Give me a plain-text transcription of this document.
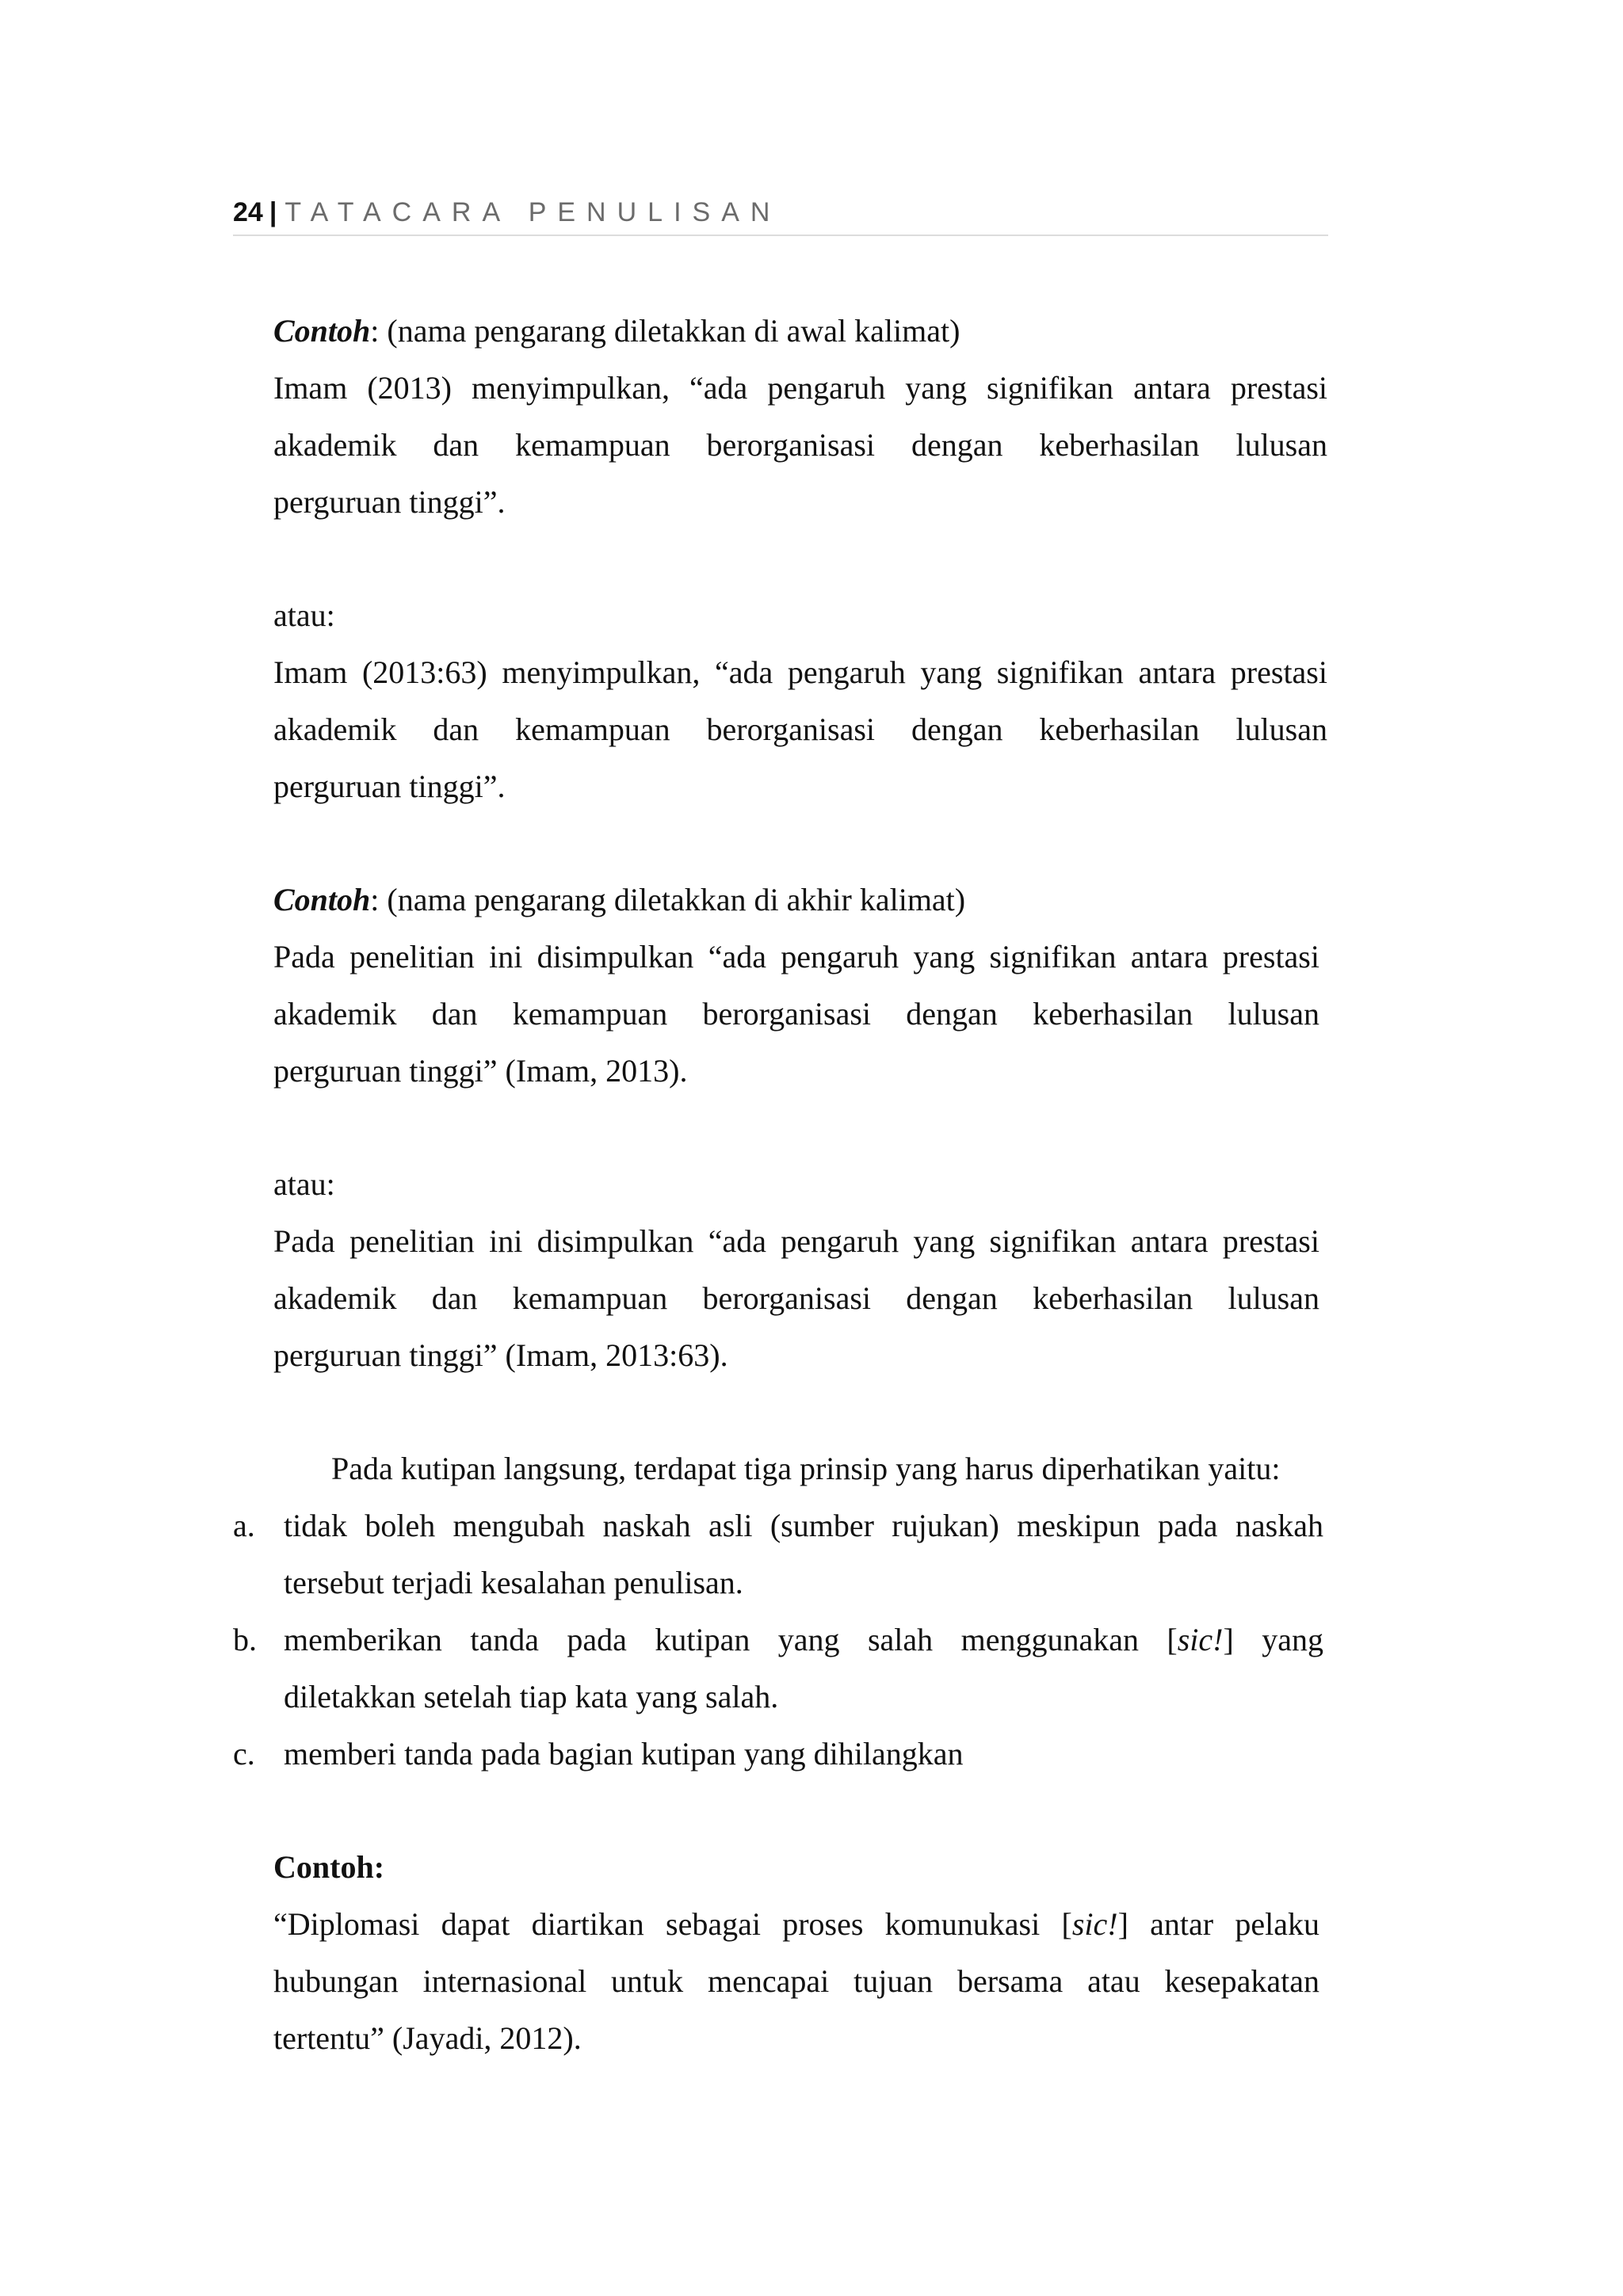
24 | TATACARA PENULISAN
Contoh: (nama pengarang diletakkan di awal kalimat)
Imam (2013) menyimpulkan, “ada pengaruh yang signifikan antara prestasi
akademik dan kemampuan berorganisasi dengan keberhasilan lulusan
perguruan tinggi”.
atau:
Imam (2013:63) menyimpulkan, “ada pengaruh yang signifikan antara prestasi
akademik dan kemampuan berorganisasi dengan keberhasilan lulusan
perguruan tinggi”.
Contoh: (nama pengarang diletakkan di akhir kalimat)
Pada penelitian ini disimpulkan “ada pengaruh yang signifikan antara prestasi
akademik dan kemampuan berorganisasi dengan keberhasilan lulusan
perguruan tinggi” (Imam, 2013).
atau:
Pada penelitian ini disimpulkan “ada pengaruh yang signifikan antara prestasi
akademik dan kemampuan berorganisasi dengan keberhasilan lulusan
perguruan tinggi” (Imam, 2013:63).
Pada kutipan langsung, terdapat tiga prinsip yang harus diperhatikan yaitu:
a. tidak boleh mengubah naskah asli (sumber rujukan) meskipun pada naskah
tersebut terjadi kesalahan penulisan.
b. memberikan tanda pada kutipan yang salah menggunakan [sic!] yang
diletakkan setelah tiap kata yang salah.
c. memberi tanda pada bagian kutipan yang dihilangkan
Contoh:
“Diplomasi dapat diartikan sebagai proses komunukasi [sic!] antar pelaku
hubungan internasional untuk mencapai tujuan bersama atau kesepakatan
tertentu” (Jayadi, 2012).
